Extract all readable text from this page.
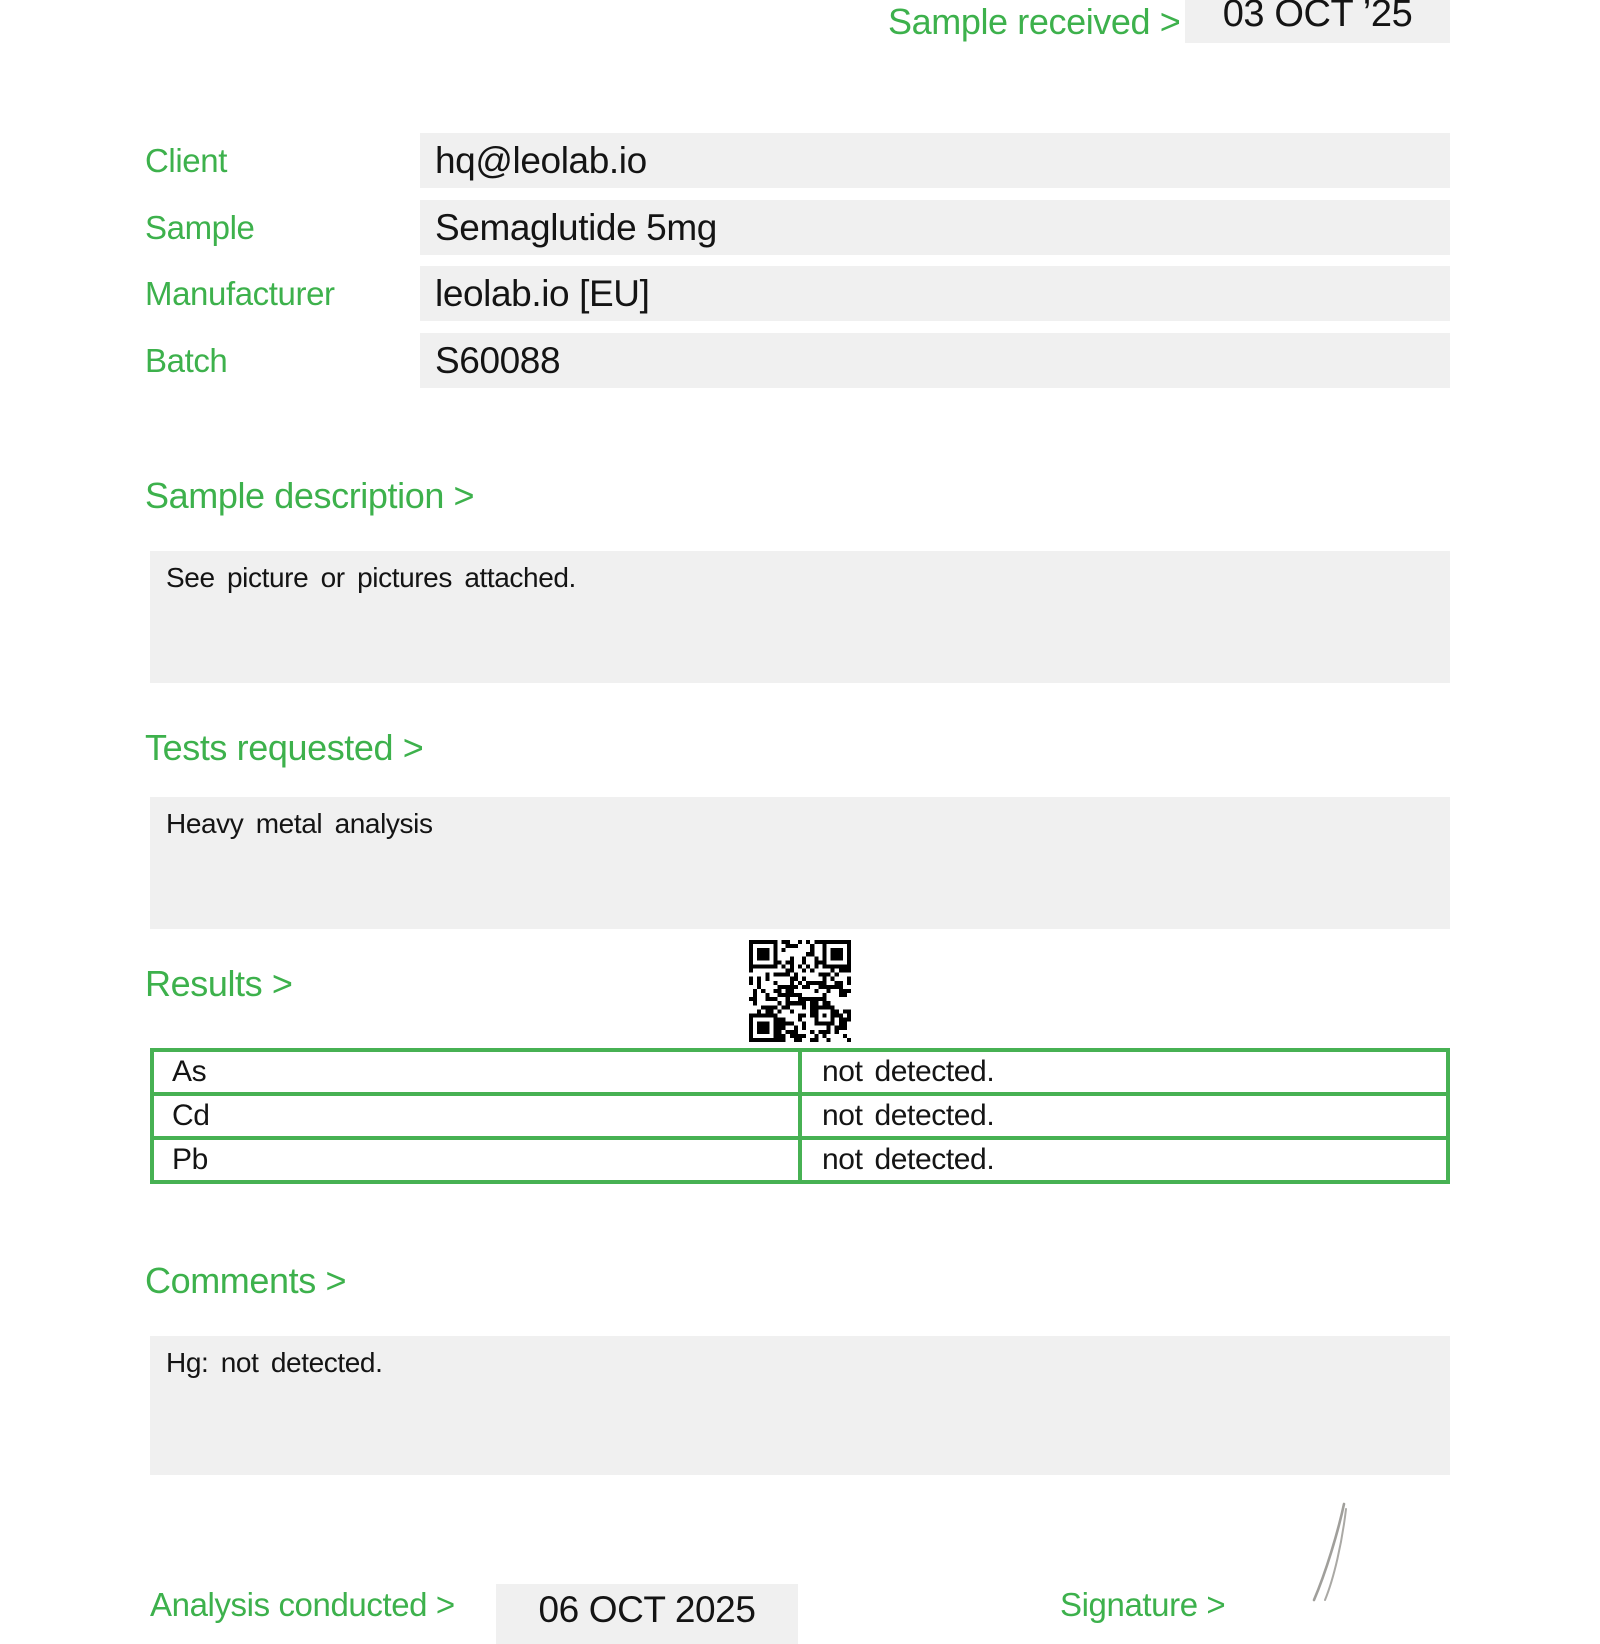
Sample received >	03 OCT ’25
Client	hq@leolab.io
Sample	Semaglutide 5mg
Manufacturer	leolab.io [EU]
Batch	S60088
Sample description >
See picture or pictures attached.
Tests requested >
Heavy metal analysis
Results >
As	not detected.
Cd	not detected.
Pb	not detected.
Comments >
Hg: not detected.
Analysis conducted >	06 OCT 2025	Signature >
